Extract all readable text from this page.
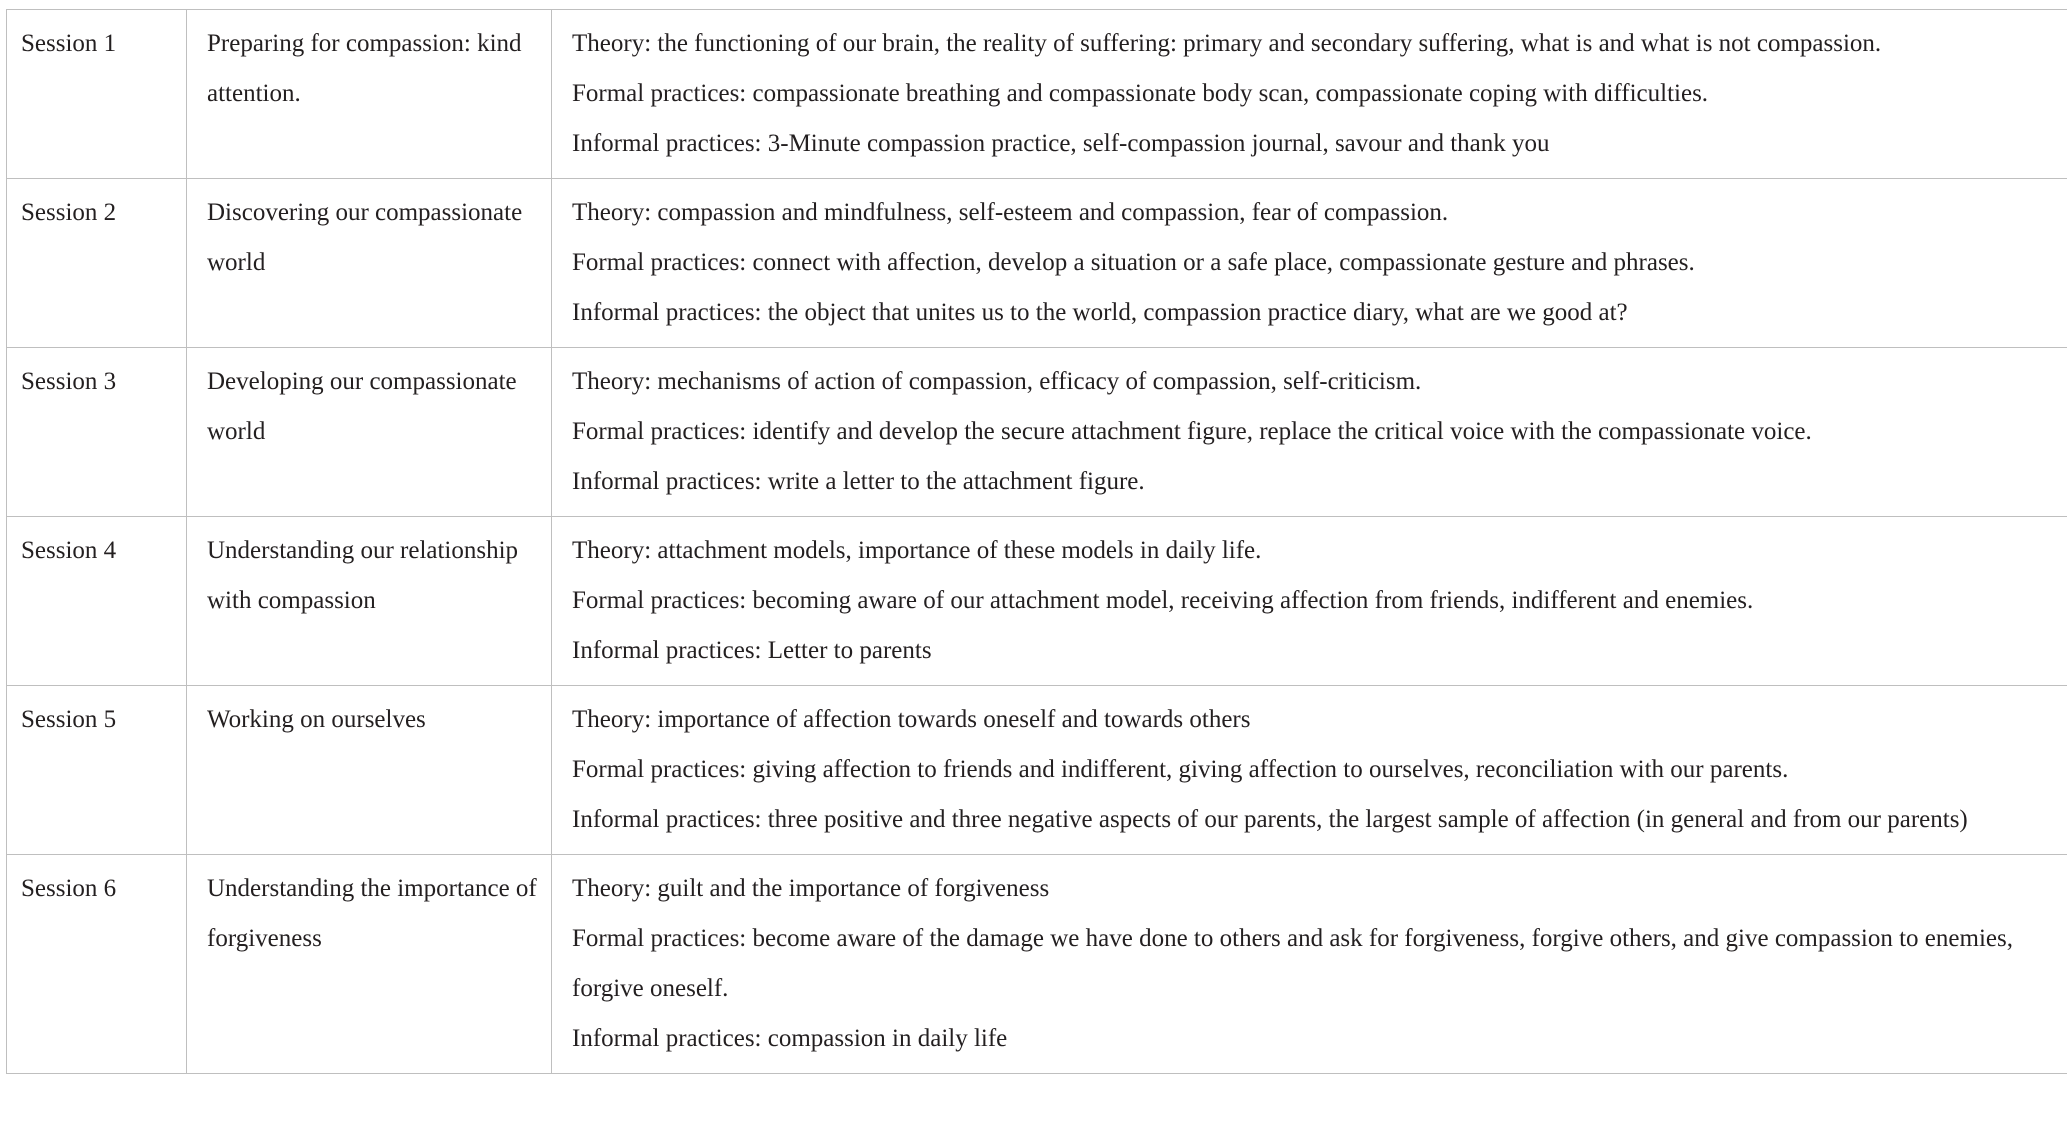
Session 1	Preparing for compassion: kind attention.	Theory: the functioning of our brain, the reality of suffering: primary and secondary suffering, what is and what is not compassion.
Formal practices: compassionate breathing and compassionate body scan, compassionate coping with difficulties.
Informal practices: 3-Minute compassion practice, self-compassion journal, savour and thank you

Session 2	Discovering our compassionate world	Theory: compassion and mindfulness, self-esteem and compassion, fear of compassion.
Formal practices: connect with affection, develop a situation or a safe place, compassionate gesture and phrases.
Informal practices: the object that unites us to the world, compassion practice diary, what are we good at?

Session 3	Developing our compassionate world	Theory: mechanisms of action of compassion, efficacy of compassion, self-criticism.
Formal practices: identify and develop the secure attachment figure, replace the critical voice with the compassionate voice.
Informal practices: write a letter to the attachment figure.

Session 4	Understanding our relationship with compassion	Theory: attachment models, importance of these models in daily life.
Formal practices: becoming aware of our attachment model, receiving affection from friends, indifferent and enemies.
Informal practices: Letter to parents

Session 5	Working on ourselves	Theory: importance of affection towards oneself and towards others
Formal practices: giving affection to friends and indifferent, giving affection to ourselves, reconciliation with our parents.
Informal practices: three positive and three negative aspects of our parents, the largest sample of affection (in general and from our parents)

Session 6	Understanding the importance of forgiveness	Theory: guilt and the importance of forgiveness
Formal practices: become aware of the damage we have done to others and ask for forgiveness, forgive others, and give compassion to enemies, forgive oneself.
Informal practices: compassion in daily life
